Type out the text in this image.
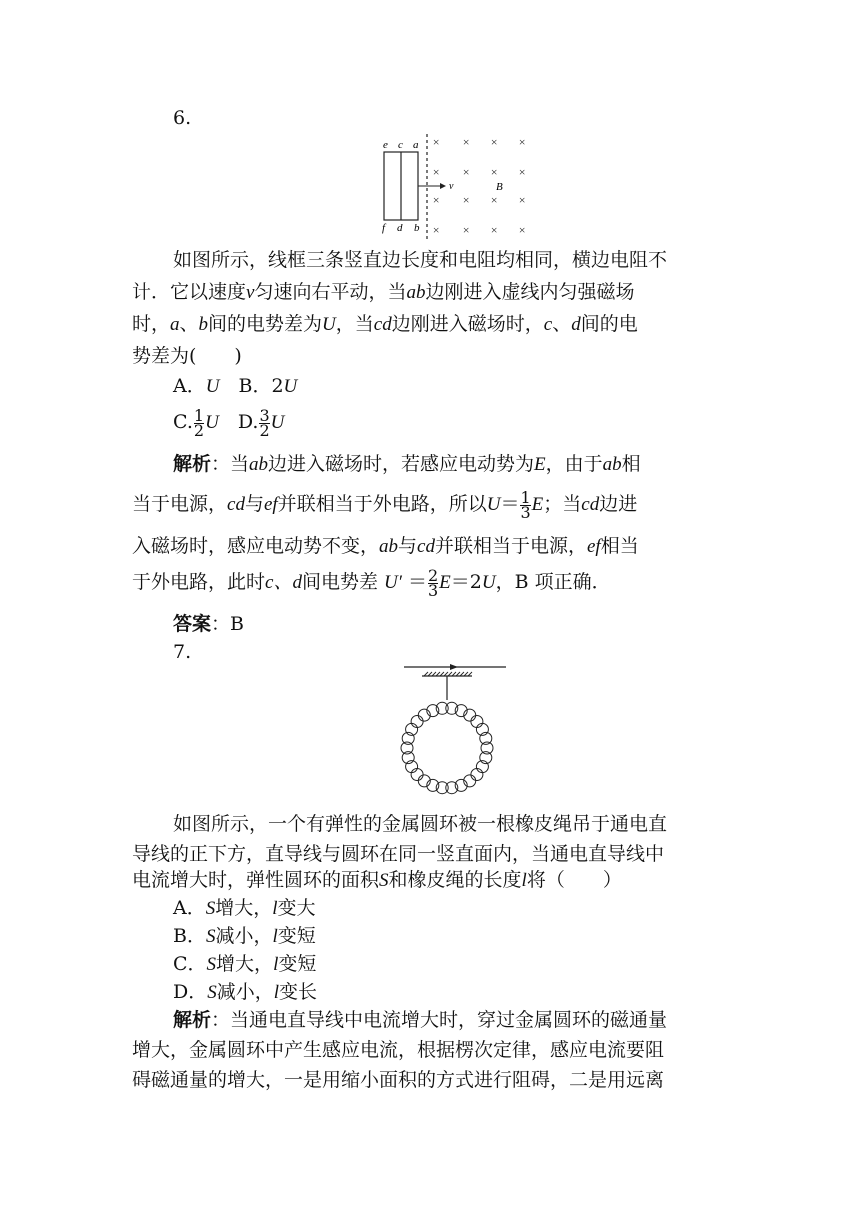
6.
e c a
v	B
f d b
× × × ×
× × × ×
× × × ×
× × × ×
如图所示，线框三条竖直边长度和电阻均相同，横边电阻不
计．它以速度v匀速向右平动，当ab边刚进入虚线内匀强磁场
时，a、b间的电势差为U，当cd边刚进入磁场时，c、d间的电
势差为(　　)
A．U　 B．2U
C. $\frac{1}{2}$ U　 D. $\frac{3}{2}$ U
解析：当ab边进入磁场时，若感应电动势为E，由于ab相
当于电源，cd与ef并联相当于外电路，所以$U= \frac{1}{3}$ E；当cd边进
入磁场时，感应电动势不变，ab与cd并联相当于电源，ef相当
于外电路，此时c、d间电势差 $U' = \frac{2}{3} E=2U$，B 项正确．
答案：B
7.
如图所示，一个有弹性的金属圆环被一根橡皮绳吊于通电直
导线的正下方，直导线与圆环在同一竖直面内，当通电直导线中
电流增大时，弹性圆环的面积S和橡皮绳的长度l将（　　）
A．S增大，l变大
B．S减小，l变短
C．S增大，l变短
D．S减小，l变长
解析：当通电直导线中电流增大时，穿过金属圆环的磁通量
增大，金属圆环中产生感应电流，根据楞次定律，感应电流要阻
碍磁通量的增大，一是用缩小面积的方式进行阻碍，二是用远离
